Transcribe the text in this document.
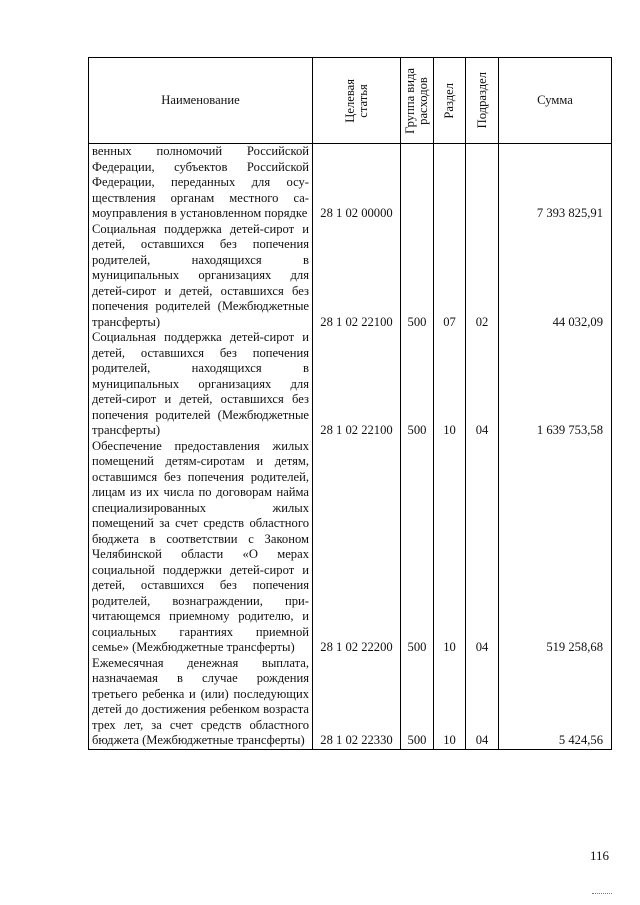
Наименование	Целевая статья	Группа вида расходов	Раздел	Подраздел	Сумма
венных полномочий Российской Федерации, субъектов Российской Федерации, переданных для осуществления органам местного самоуправления в установленном порядке	28 1 02 00000				7 393 825,91
Социальная поддержка детей-сирот и детей, оставшихся без попечения родителей, находящихся в муниципальных организациях для детей-сирот и детей, оставшихся без попечения родителей (Межбюджетные трансферты)	28 1 02 22100	500	07	02	44 032,09
Социальная поддержка детей-сирот и детей, оставшихся без попечения родителей, находящихся в муниципальных организациях для детей-сирот и детей, оставшихся без попечения родителей (Межбюджетные трансферты)	28 1 02 22100	500	10	04	1 639 753,58
Обеспечение предоставления жилых помещений детям-сиротам и детям, оставшимся без попечения родителей, лицам из их числа по договорам найма специализированных жилых помещений за счет средств областного бюджета в соответствии с Законом Челябинской области «О мерах социальной поддержки детей-сирот и детей, оставшихся без попечения родителей, вознаграждении, причитающемся приемному родителю, и социальных гарантиях приемной семье» (Межбюджетные трансферты)	28 1 02 22200	500	10	04	519 258,68
Ежемесячная денежная выплата, назначаемая в случае рождения третьего ребенка и (или) последующих детей до достижения ребенком возраста трех лет, за счет средств областного бюджета (Межбюджетные трансферты)	28 1 02 22330	500	10	04	5 424,56
116
